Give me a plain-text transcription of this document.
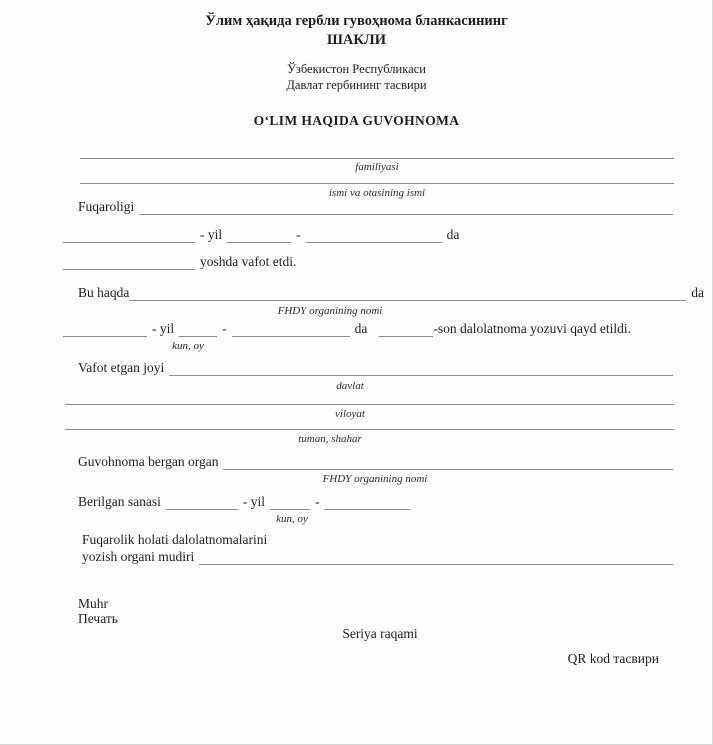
Ўлим ҳақида гербли гувоҳнома бланкасининг
ШАКЛИ
Ўзбекистон Республикаси
Давлат гербининг тасвири
OʻLIM HAQIDA GUVOHNOMA
familiyasi
ismi va otasining ismi
Fuqaroligi
- yil	-	da
yoshda vafot etdi.
Bu haqda	da
FHDY organining nomi
- yil	-	da	-son dalolatnoma yozuvi qayd etildi.
kun, oy
Vafot etgan joyi
davlat
viloyat
tuman, shahar
Guvohnoma bergan organ
FHDY organining nomi
Berilgan sanasi	- yil	-
kun, oy
Fuqarolik holati dalolatnomalarini
yozish organi mudiri
Muhr
Печать
Seriya raqami
QR kod тасвири
